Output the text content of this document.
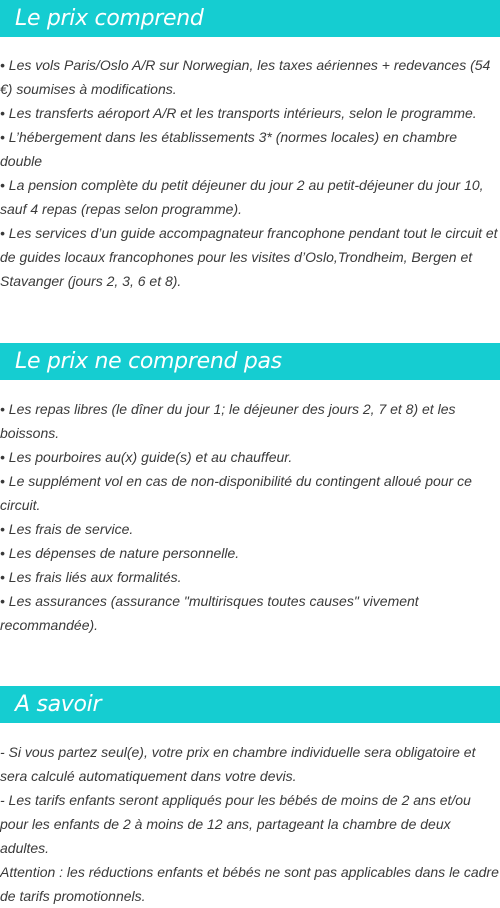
Le prix comprend

• Les vols Paris/Oslo A/R sur Norwegian, les taxes aériennes + redevances (54 €) soumises à modifications.

• Les transferts aéroport A/R et les transports intérieurs, selon le programme.

• L’hébergement dans les établissements 3* (normes locales) en chambre double

• La pension complète du petit déjeuner du jour 2 au petit-déjeuner du jour 10, sauf 4 repas (repas selon programme).

• Les services d’un guide accompagnateur francophone pendant tout le circuit et de guides locaux francophones pour les visites d’Oslo,Trondheim, Bergen et Stavanger (jours 2, 3, 6 et 8).

Le prix ne comprend pas

• Les repas libres (le dîner du jour 1; le déjeuner des jours 2, 7 et 8) et les boissons.

• Les pourboires au(x) guide(s) et au chauffeur.

• Le supplément vol en cas de non-disponibilité du contingent alloué pour ce circuit.

• Les frais de service.

• Les dépenses de nature personnelle.

• Les frais liés aux formalités.

• Les assurances (assurance "multirisques toutes causes" vivement recommandée).

A savoir

- Si vous partez seul(e), votre prix en chambre individuelle sera obligatoire et sera calculé automatiquement dans votre devis.

- Les tarifs enfants seront appliqués pour les bébés de moins de 2 ans et/ou pour les enfants de 2 à moins de 12 ans, partageant la chambre de deux adultes.

Attention : les réductions enfants et bébés ne sont pas applicables dans le cadre de tarifs promotionnels.
